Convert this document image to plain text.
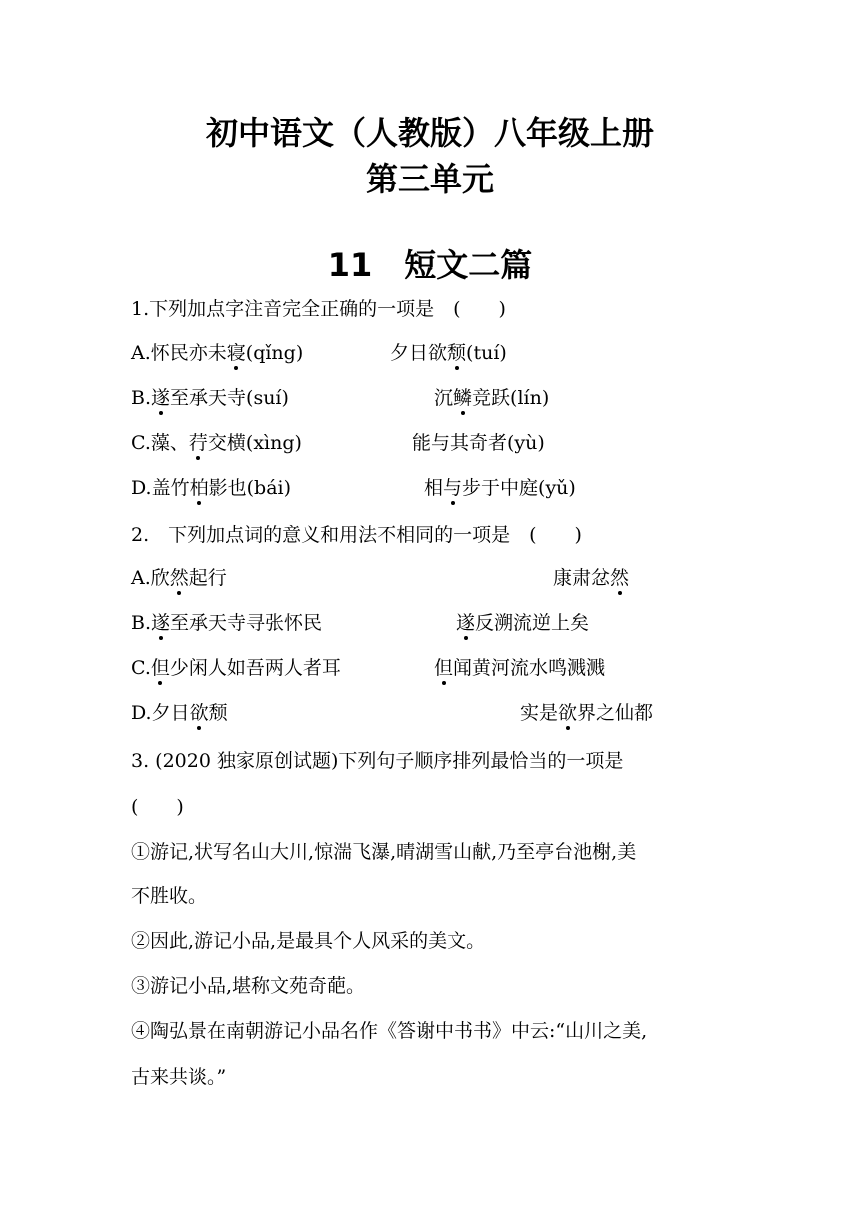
初中语文（人教版）八年级上册
第三单元
11　短文二篇
1.下列加点字注音完全正确的一项是　(　　)
A.怀民亦未寝(qǐng)	夕日欲颓(tuí)
B.遂至承天寺(suí)	沉鳞竞跃(lín)
C.藻、荇交横(xìng)	能与其奇者(yù)
D.盖竹柏影也(bái)	相与步于中庭(yǔ)
2.　下列加点词的意义和用法不相同的一项是　(　　)
A.欣然起行	康肃忿然
B.遂至承天寺寻张怀民	遂反溯流逆上矣
C.但少闲人如吾两人者耳	但闻黄河流水鸣溅溅
D.夕日欲颓	实是欲界之仙都
3. (2020 独家原创试题)下列句子顺序排列最恰当的一项是
(　　)
①游记,状写名山大川,惊湍飞瀑,晴湖雪山献,乃至亭台池榭,美
不胜收。
②因此,游记小品,是最具个人风采的美文。
③游记小品,堪称文苑奇葩。
④陶弘景在南朝游记小品名作《答谢中书书》中云:“山川之美,
古来共谈。”
